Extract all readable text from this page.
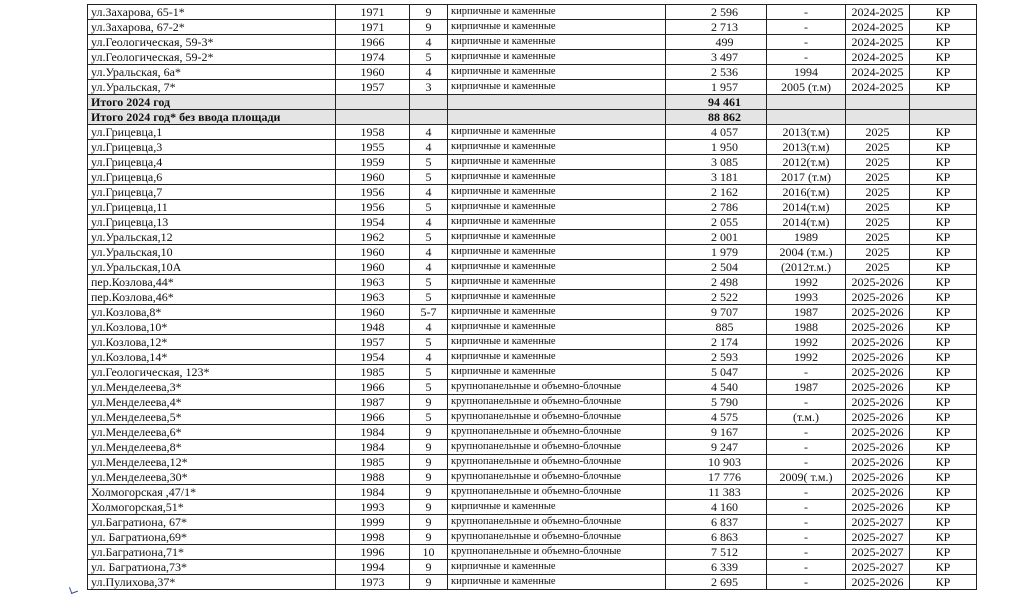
ул.Захарова, 65-1*	1971	9	кирпичные и каменные	2 596	-	2024-2025	КР
ул.Захарова, 67-2*	1971	9	кирпичные и каменные	2 713	-	2024-2025	КР
ул.Геологическая, 59-3*	1966	4	кирпичные и каменные	499	-	2024-2025	КР
ул.Геологическая, 59-2*	1974	5	кирпичные и каменные	3 497	-	2024-2025	КР
ул.Уральская, 6а*	1960	4	кирпичные и каменные	2 536	1994	2024-2025	КР
ул.Уральская, 7*	1957	3	кирпичные и каменные	1 957	2005 (т.м)	2024-2025	КР
Итого 2024 год				94 461			
Итого 2024 год* без ввода площади				88 862			
ул.Грицевца,1	1958	4	кирпичные и каменные	4 057	2013(т.м)	2025	КР
ул.Грицевца,3	1955	4	кирпичные и каменные	1 950	2013(т.м)	2025	КР
ул.Грицевца,4	1959	5	кирпичные и каменные	3 085	2012(т.м)	2025	КР
ул.Грицевца,6	1960	5	кирпичные и каменные	3 181	2017 (т.м)	2025	КР
ул.Грицевца,7	1956	4	кирпичные и каменные	2 162	2016(т.м)	2025	КР
ул.Грицевца,11	1956	5	кирпичные и каменные	2 786	2014(т.м)	2025	КР
ул.Грицевца,13	1954	4	кирпичные и каменные	2 055	2014(т.м)	2025	КР
ул.Уральская,12	1962	5	кирпичные и каменные	2 001	1989	2025	КР
ул.Уральская,10	1960	4	кирпичные и каменные	1 979	2004 (т.м.)	2025	КР
ул.Уральская,10А	1960	4	кирпичные и каменные	2 504	(2012т.м.)	2025	КР
пер.Козлова,44*	1963	5	кирпичные и каменные	2 498	1992	2025-2026	КР
пер.Козлова,46*	1963	5	кирпичные и каменные	2 522	1993	2025-2026	КР
ул.Козлова,8*	1960	5-7	кирпичные и каменные	9 707	1987	2025-2026	КР
ул.Козлова,10*	1948	4	кирпичные и каменные	885	1988	2025-2026	КР
ул.Козлова,12*	1957	5	кирпичные и каменные	2 174	1992	2025-2026	КР
ул.Козлова,14*	1954	4	кирпичные и каменные	2 593	1992	2025-2026	КР
ул.Геологическая, 123*	1985	5	кирпичные и каменные	5 047	-	2025-2026	КР
ул.Менделеева,3*	1966	5	крупнопанельные и объемно-блочные	4 540	1987	2025-2026	КР
ул.Менделеева,4*	1987	9	крупнопанельные и объемно-блочные	5 790	-	2025-2026	КР
ул.Менделеева,5*	1966	5	крупнопанельные и объемно-блочные	4 575	(т.м.)	2025-2026	КР
ул.Менделеева,6*	1984	9	крупнопанельные и объемно-блочные	9 167	-	2025-2026	КР
ул.Менделеева,8*	1984	9	крупнопанельные и объемно-блочные	9 247	-	2025-2026	КР
ул.Менделеева,12*	1985	9	крупнопанельные и объемно-блочные	10 903	-	2025-2026	КР
ул.Менделеева,30*	1988	9	крупнопанельные и объемно-блочные	17 776	2009( т.м.)	2025-2026	КР
Холмогорская ,47/1*	1984	9	крупнопанельные и объемно-блочные	11 383	-	2025-2026	КР
Холмогорская,51*	1993	9	кирпичные и каменные	4 160	-	2025-2026	КР
ул.Багратиона, 67*	1999	9	крупнопанельные и объемно-блочные	6 837	-	2025-2027	КР
ул. Багратиона,69*	1998	9	крупнопанельные и объемно-блочные	6 863	-	2025-2027	КР
ул.Багратиона,71*	1996	10	крупнопанельные и объемно-блочные	7 512	-	2025-2027	КР
ул. Багратиона,73*	1994	9	кирпичные и каменные	6 339	-	2025-2027	КР
ул.Пулихова,37*	1973	9	кирпичные и каменные	2 695	-	2025-2026	КР
